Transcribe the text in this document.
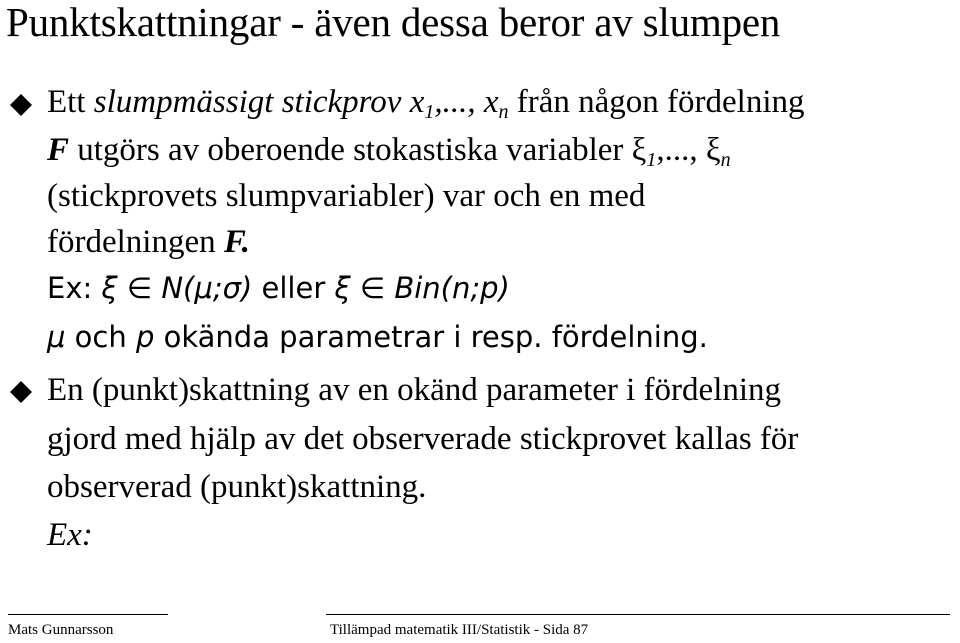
Punktskattningar - även dessa beror av slumpen
Ett slumpmässigt stickprov $x_1$,..., $x_n$ från någon fördelning
F utgörs av oberoende stokastiska variabler $\xi_1$,..., $\xi_n$
(stickprovets slumpvariabler) var och en med
fördelningen F.
Ex: ξ ∈ N(μ;σ) eller ξ ∈ Bin(n;p)
μ och p okända parametrar i resp. fördelning.
En (punkt)skattning av en okänd parameter i fördelning
gjord med hjälp av det observerade stickprovet kallas för
observerad (punkt)skattning.
Ex:
Mats Gunnarsson	Tillämpad matematik III/Statistik - Sida 87
